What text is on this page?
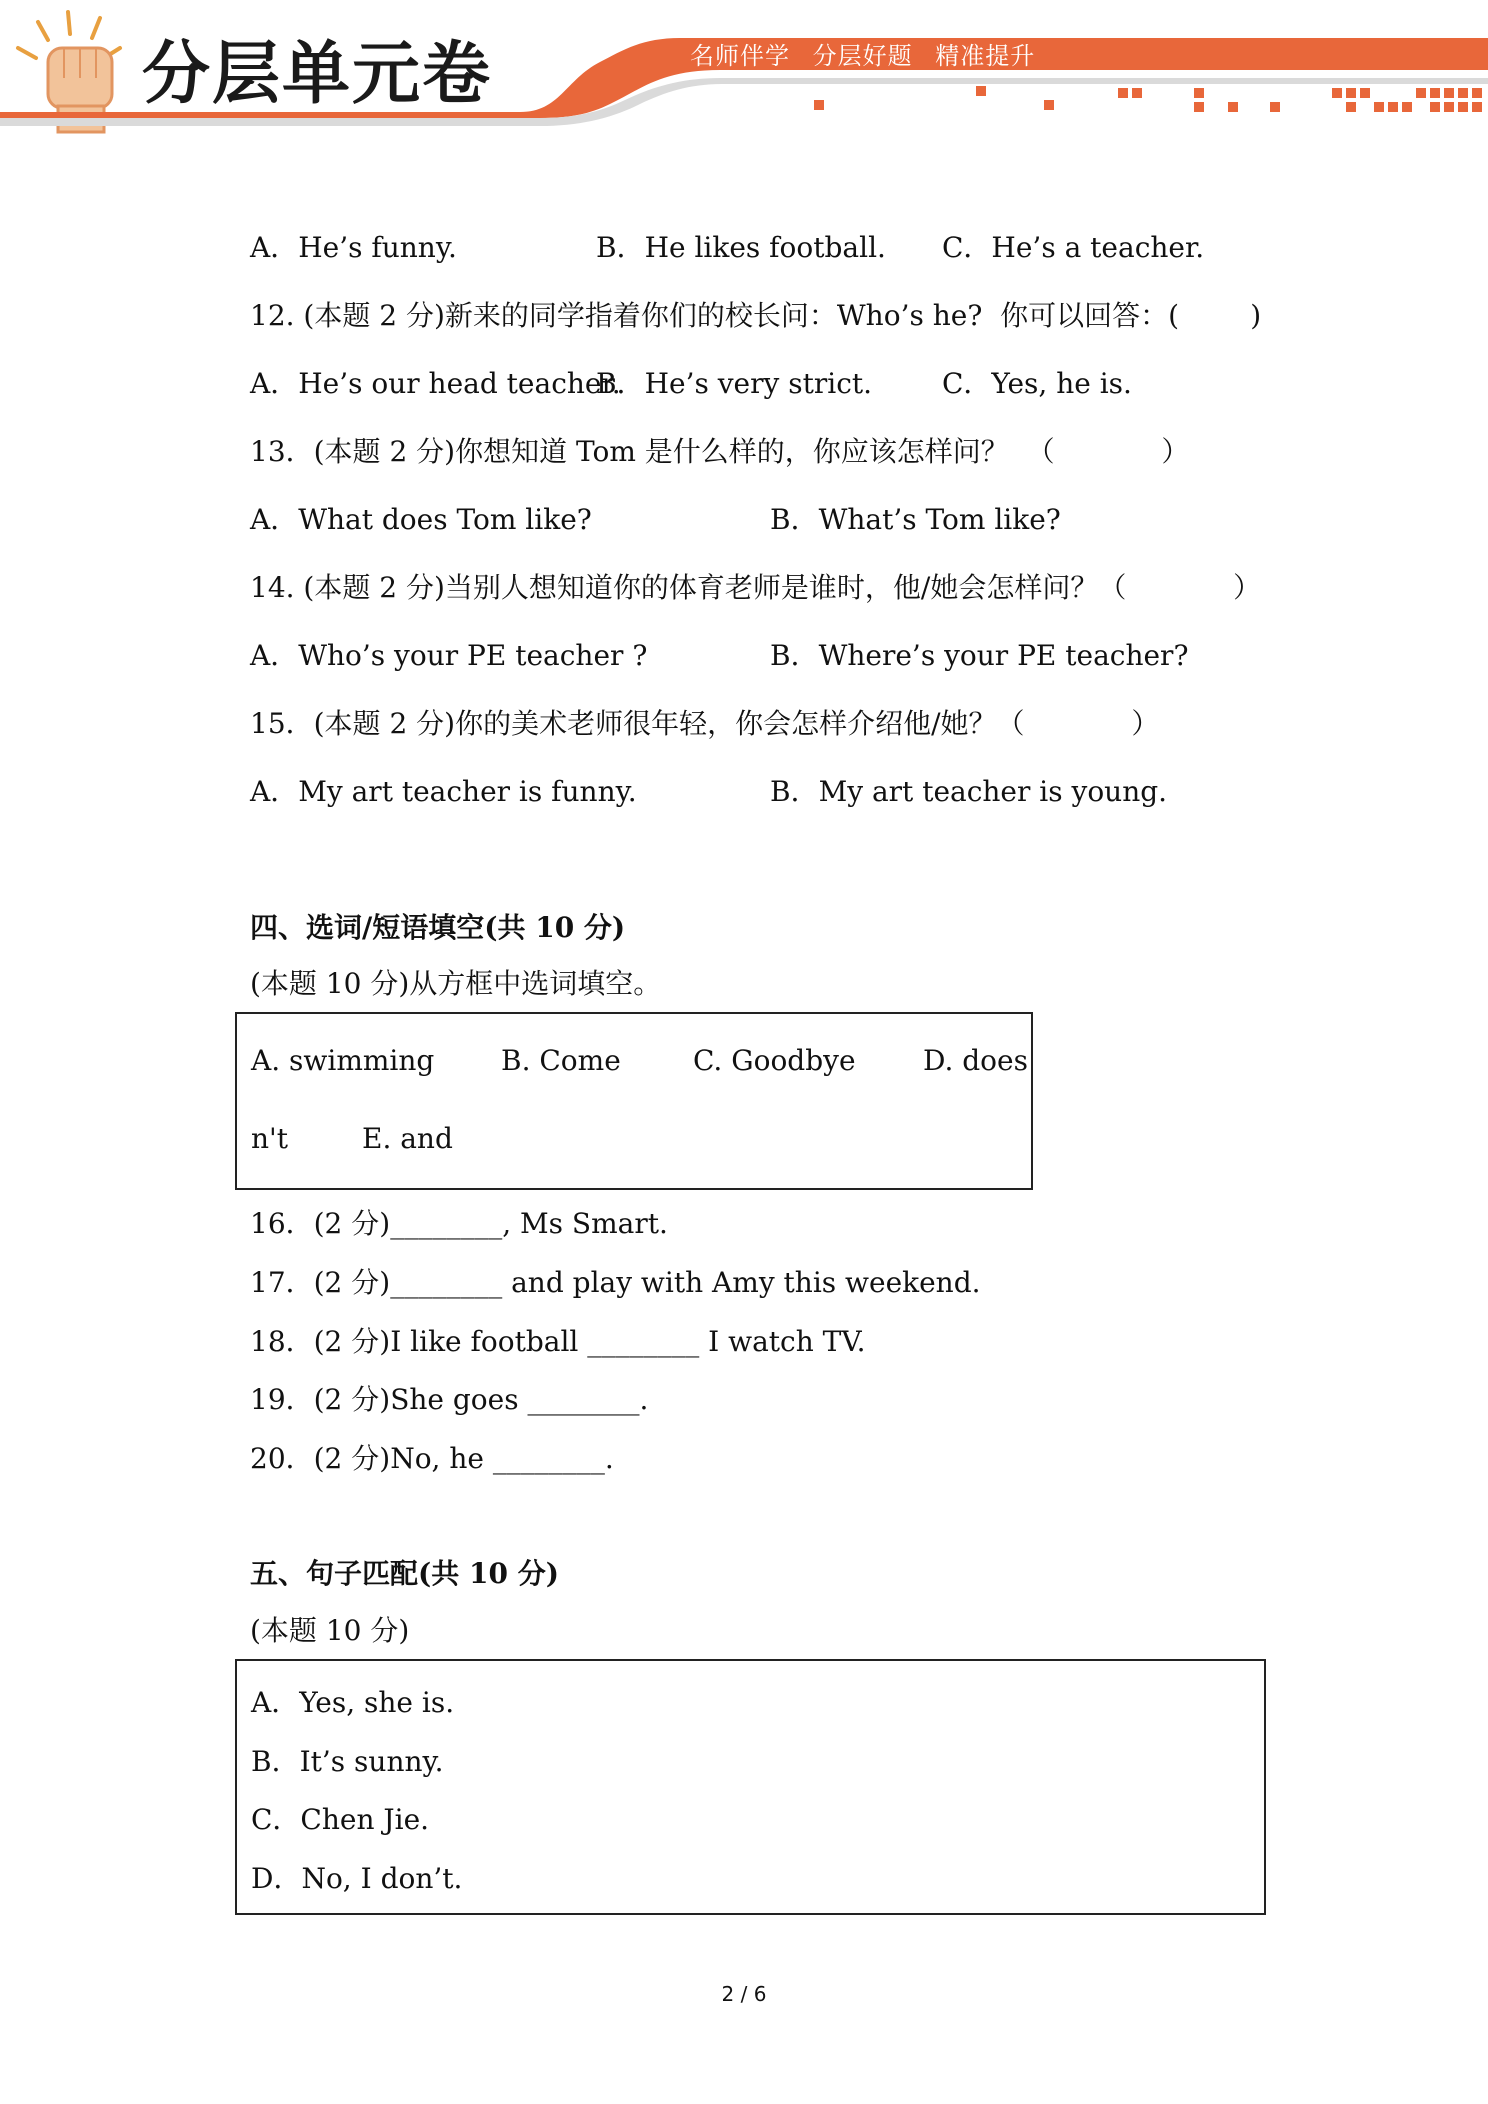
分层单元卷	名师伴学 分层好题 精准提升
A．He’s funny.	B．He likes football. C．He’s a teacher.
12. (本题 2 分)新来的同学指着你们的校长问：Who’s he?  你可以回答：(        )
A．He’s our head teacher.
B．He’s very strict. C．Yes, he is.
13．(本题 2 分)你想知道 Tom 是什么样的，你应该怎样问？  （            ）
A．What does Tom like?	B．What’s Tom like?
14. (本题 2 分)当别人想知道你的体育老师是谁时，他/她会怎样问？（            ）
A．Who’s your PE teacher ?	B．Where’s your PE teacher?
15．(本题 2 分)你的美术老师很年轻，你会怎样介绍他/她？（            ）
A．My art teacher is funny.	B．My art teacher is young.
四、选词/短语填空(共 10 分)
(本题 10 分)从方框中选词填空。
A. swimming B. Come	C. Goodbye D. does
n't	E. and
16．(2 分)________, Ms Smart.
17．(2 分)________ and play with Amy this weekend.
18．(2 分)I like football ________ I watch TV.
19．(2 分)She goes ________.
20．(2 分)No, he ________.
五、句子匹配(共 10 分)
(本题 10 分)
A．Yes, she is.
B．It’s sunny.
C．Chen Jie.
D．No, I don’t.
2 / 6
